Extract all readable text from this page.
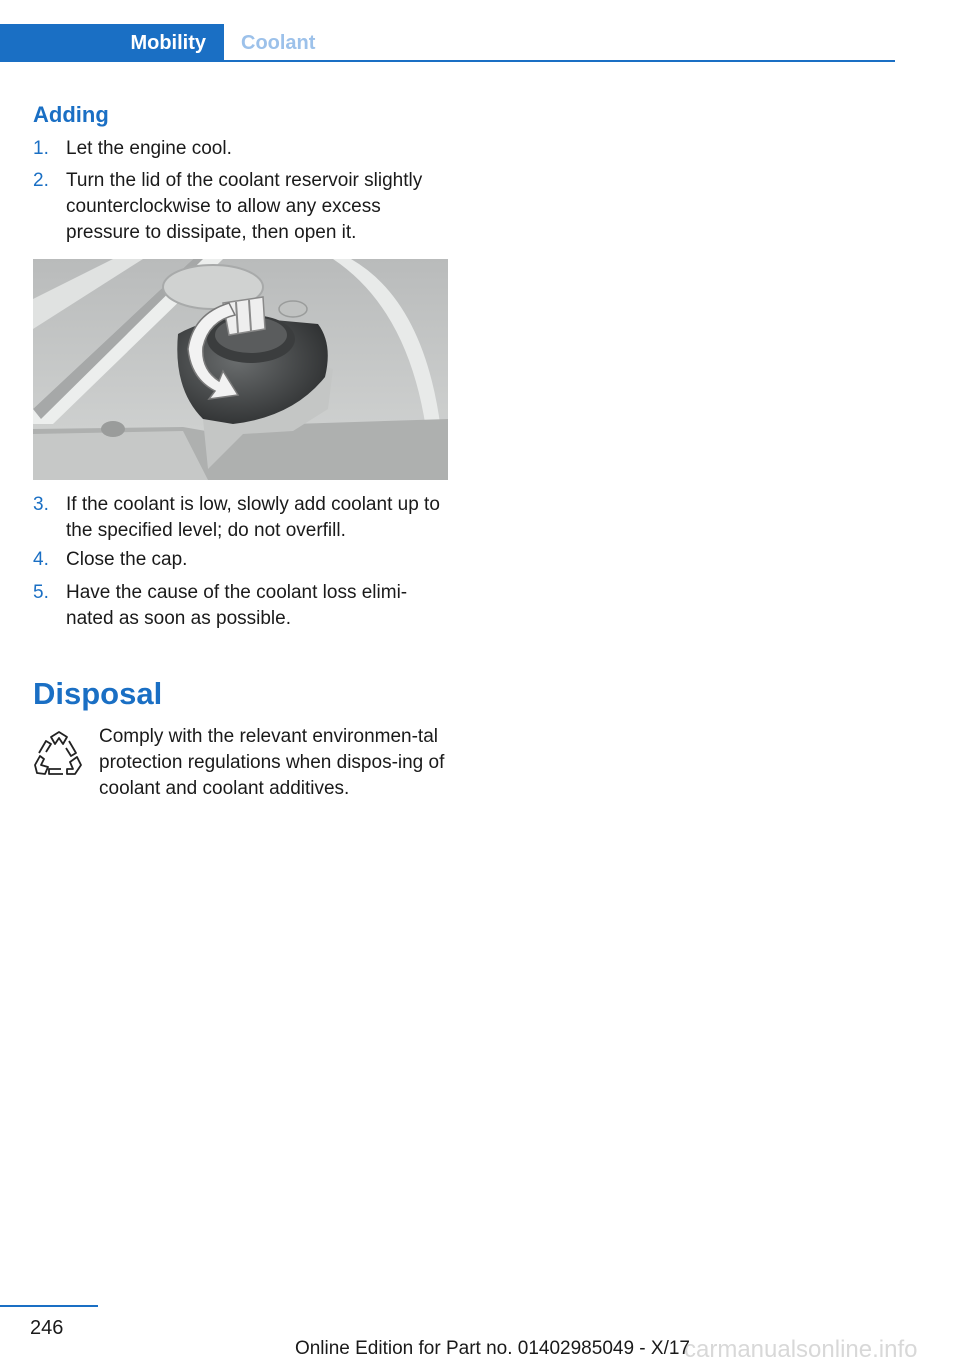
Mobility	Coolant
Adding
1. Let the engine cool.
2. Turn the lid of the coolant reservoir slightly counterclockwise to allow any excess pressure to dissipate, then open it.
3. If the coolant is low, slowly add coolant up to the specified level; do not overfill.
4. Close the cap.
5. Have the cause of the coolant loss elimi‐nated as soon as possible.
Disposal
Comply with the relevant environmen‐tal protection regulations when dispos‐ing of coolant and coolant additives.
246
carmanualsonline.info
Online Edition for Part no. 01402985049 - X/17
